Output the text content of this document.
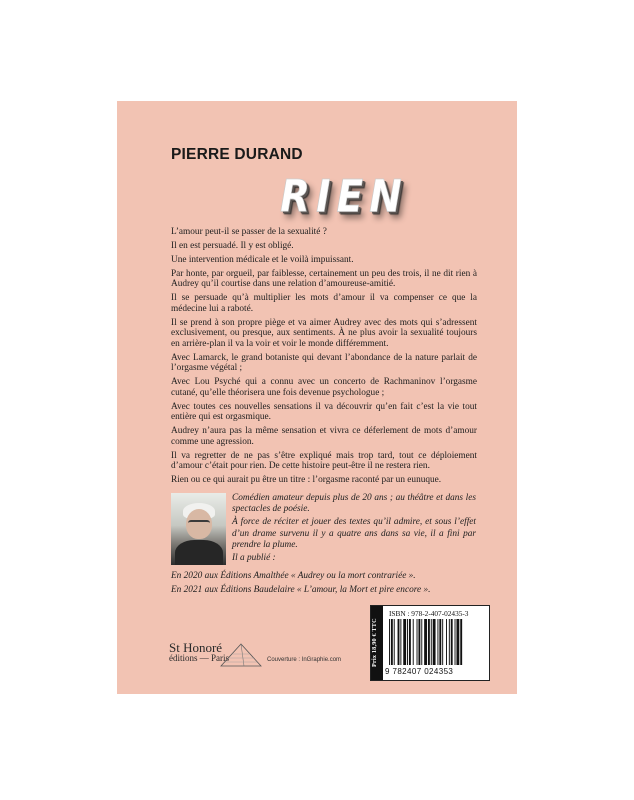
PIERRE DURAND
RIEN

L’amour peut-il se passer de la sexualité ?

Il en est persuadé. Il y est obligé.

Une intervention médicale et le voilà impuissant.

Par honte, par orgueil, par faiblesse, certainement un peu des trois, il ne dit rien à Audrey qu’il courtise dans une relation d’amoureuse-amitié.

Il se persuade qu’à multiplier les mots d’amour il va compenser ce que la médecine lui a raboté.

Il se prend à son propre piège et va aimer Audrey avec des mots qui s’adressent exclusivement, ou presque, aux sentiments. À ne plus avoir la sexualité toujours en arrière-plan il va la voir et voir le monde différemment.

Avec Lamarck, le grand botaniste qui devant l’abondance de la nature parlait de l’orgasme végétal ;

Avec Lou Psyché qui a connu avec un concerto de Rachmaninov l’orgasme cutané, qu’elle théorisera une fois devenue psychologue ;

Avec toutes ces nouvelles sensations il va découvrir qu’en fait c’est la vie tout entière qui est orgasmique.

Audrey n’aura pas la même sensation et vivra ce déferlement de mots d’amour comme une agression.

Il va regretter de ne pas s’être expliqué mais trop tard, tout ce déploiement d’amour c’était pour rien. De cette histoire peut-être il ne restera rien.

Rien ou ce qui aurait pu être un titre : l’orgasme raconté par un eunuque.

Comédien amateur depuis plus de 20 ans ; au théâtre et dans les spectacles de poésie.

À force de réciter et jouer des textes qu’il admire, et sous l’effet d’un drame survenu il y a quatre ans dans sa vie, il a fini par prendre la plume.

Il a publié :

En 2020 aux Éditions Amalthée « Audrey ou la mort contrariée ».

En 2021 aux Éditions Baudelaire « L’amour, la Mort et pire encore ».

St Honoré
éditions — Paris	Couverture : InGraphie.com	Prix 18,90 € TTC
ISBN : 978-2-407-02435-3
9 782407 024353
